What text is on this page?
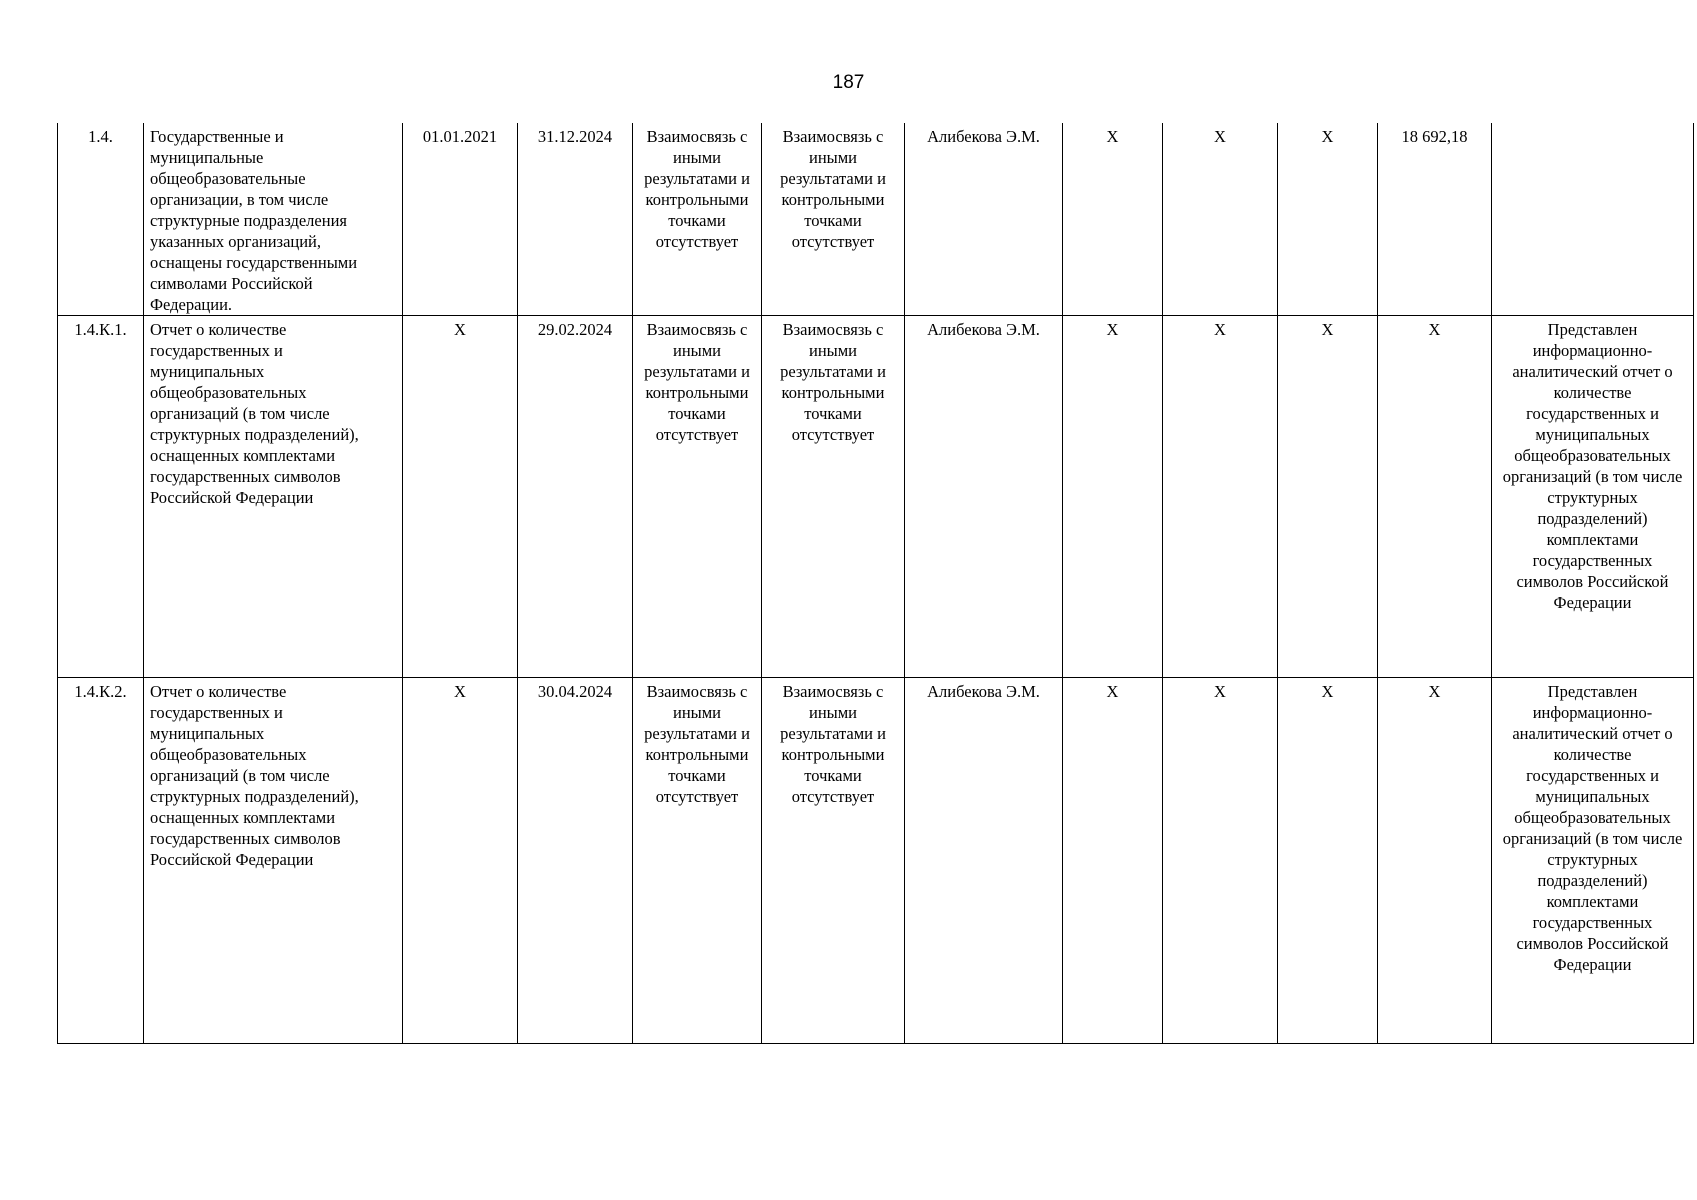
187
1.4.	Государственные и муниципальные общеобразовательные организации, в том числе структурные подразделения указанных организаций, оснащены государственными символами Российской Федерации.	01.01.2021	31.12.2024	Взаимосвязь с иными результатами и контрольными точками отсутствует	Взаимосвязь с иными результатами и контрольными точками отсутствует	Алибекова Э.М.	X	X	X	18 692,18	
1.4.К.1.	Отчет о количестве государственных и муниципальных общеобразовательных организаций (в том числе структурных подразделений), оснащенных комплектами государственных символов Российской Федерации	X	29.02.2024	Взаимосвязь с иными результатами и контрольными точками отсутствует	Взаимосвязь с иными результатами и контрольными точками отсутствует	Алибекова Э.М.	X	X	X	X	Представлен информационно-аналитический отчет о количестве государственных и муниципальных общеобразовательных организаций (в том числе структурных подразделений) комплектами государственных символов Российской Федерации
1.4.К.2.	Отчет о количестве государственных и муниципальных общеобразовательных организаций (в том числе структурных подразделений), оснащенных комплектами государственных символов Российской Федерации	X	30.04.2024	Взаимосвязь с иными результатами и контрольными точками отсутствует	Взаимосвязь с иными результатами и контрольными точками отсутствует	Алибекова Э.М.	X	X	X	X	Представлен информационно-аналитический отчет о количестве государственных и муниципальных общеобразовательных организаций (в том числе структурных подразделений) комплектами государственных символов Российской Федерации
